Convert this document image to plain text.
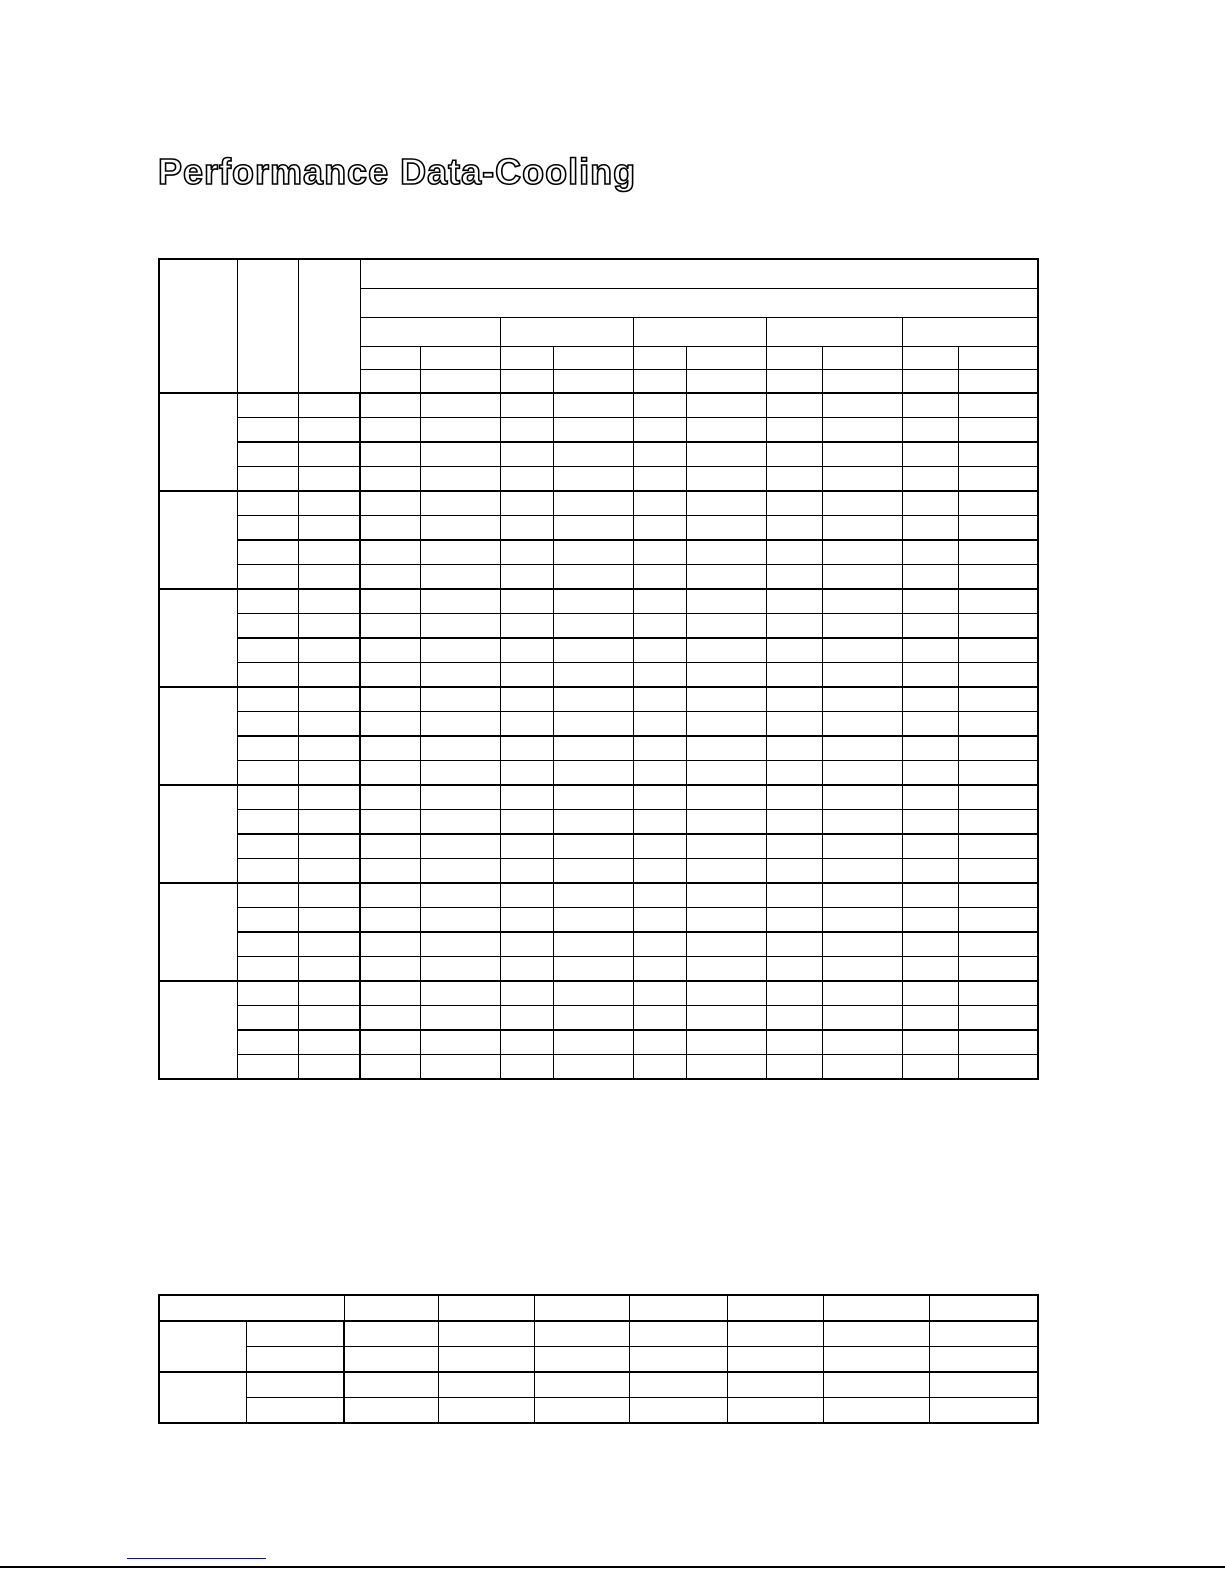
Performance Data-Cooling
